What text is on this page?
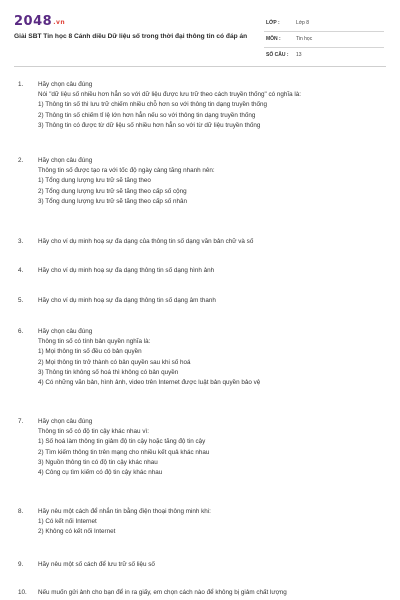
2048.vn
Giải SBT Tin học 8 Cánh diều Dữ liệu số trong thời đại thông tin có đáp án
LỚP :	Lớp 8
MÔN :	Tin học
SỐ CÂU : 13
1. Hãy chọn câu đúng
Nói "dữ liệu số nhiều hơn hẳn so với dữ liệu được lưu trữ theo cách truyền thống" có nghĩa là:
1) Thông tin số thì lưu trữ chiếm nhiều chỗ hơn so với thông tin dạng truyền thống
2) Thông tin số chiếm tỉ lệ lớn hơn hẳn nếu so với thông tin dạng truyền thống
3) Thông tin có được từ dữ liệu số nhiều hơn hẳn so với từ dữ liệu truyền thống
2. Hãy chọn câu đúng
Thông tin số được tạo ra với tốc độ ngày càng tăng nhanh nên:
1) Tổng dung lượng lưu trữ sẽ tăng theo
2) Tổng dung lượng lưu trữ sẽ tăng theo cấp số cộng
3) Tổng dung lượng lưu trữ sẽ tăng theo cấp số nhân
3. Hãy cho ví dụ minh hoạ sự đa dạng của thông tin số dạng văn bản chữ và số
4. Hãy cho ví dụ minh hoạ sự đa dạng thông tin số dạng hình ảnh
5. Hãy cho ví dụ minh hoạ sự đa dạng thông tin số dạng âm thanh
6. Hãy chọn câu đúng
Thông tin số có tính bản quyền nghĩa là:
1) Mọi thông tin số đều có bản quyền
2) Mọi thông tin trở thành có bản quyền sau khi số hoá
3) Thông tin không số hoá thì không có bản quyền
4) Có những văn bản, hình ảnh, video trên Internet được luật bản quyền bảo vệ
7. Hãy chọn câu đúng
Thông tin số có độ tin cậy khác nhau vì:
1) Số hoá làm thông tin giảm độ tin cậy hoặc tăng độ tin cậy
2) Tìm kiếm thông tin trên mạng cho nhiều kết quả khác nhau
3) Nguồn thông tin có độ tin cậy khác nhau
4) Công cụ tìm kiếm có độ tin cậy khác nhau
8. Hãy nêu một cách để nhắn tin bằng điện thoại thông minh khi:
1) Có kết nối Internet
2) Không có kết nối Internet
9. Hãy nêu một số cách để lưu trữ số liệu số
10. Nếu muốn gửi ảnh cho bạn để in ra giấy, em chọn cách nào để không bị giảm chất lượng
